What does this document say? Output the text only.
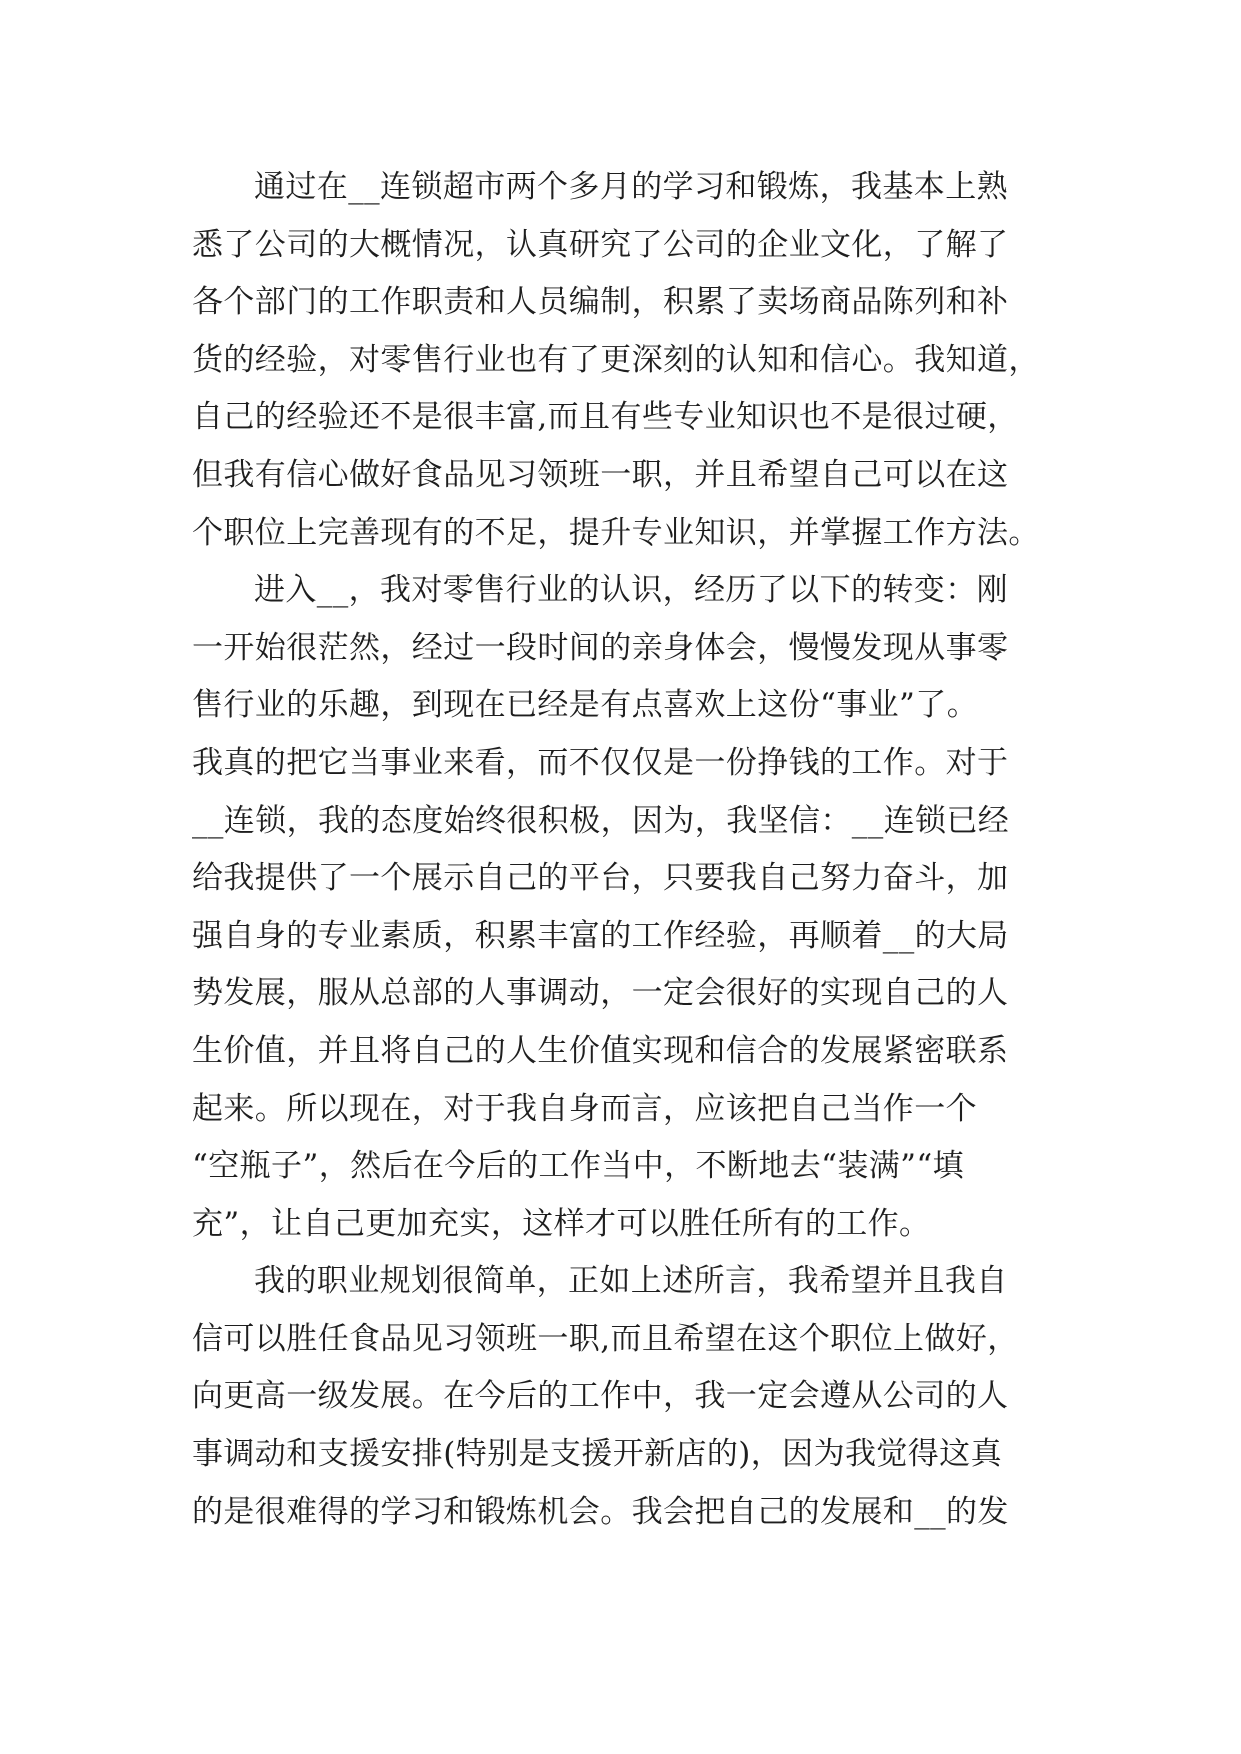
通过在__连锁超市两个多月的学习和锻炼，我基本上熟
悉了公司的大概情况，认真研究了公司的企业文化，了解了
各个部门的工作职责和人员编制，积累了卖场商品陈列和补
货的经验，对零售行业也有了更深刻的认知和信心。我知道，
自己的经验还不是很丰富,而且有些专业知识也不是很过硬，
但我有信心做好食品见习领班一职，并且希望自己可以在这
个职位上完善现有的不足，提升专业知识，并掌握工作方法。
进入__，我对零售行业的认识，经历了以下的转变：刚
一开始很茫然，经过一段时间的亲身体会，慢慢发现从事零
售行业的乐趣，到现在已经是有点喜欢上这份“事业”了。
我真的把它当事业来看，而不仅仅是一份挣钱的工作。对于
__连锁，我的态度始终很积极，因为，我坚信：__连锁已经
给我提供了一个展示自己的平台，只要我自己努力奋斗，加
强自身的专业素质，积累丰富的工作经验，再顺着__的大局
势发展，服从总部的人事调动，一定会很好的实现自己的人
生价值，并且将自己的人生价值实现和信合的发展紧密联系
起来。所以现在，对于我自身而言，应该把自己当作一个
“空瓶子”，然后在今后的工作当中，不断地去“装满”“填
充”，让自己更加充实，这样才可以胜任所有的工作。
我的职业规划很简单，正如上述所言，我希望并且我自
信可以胜任食品见习领班一职,而且希望在这个职位上做好，
向更高一级发展。在今后的工作中，我一定会遵从公司的人
事调动和支援安排(特别是支援开新店的)，因为我觉得这真
的是很难得的学习和锻炼机会。我会把自己的发展和__的发
